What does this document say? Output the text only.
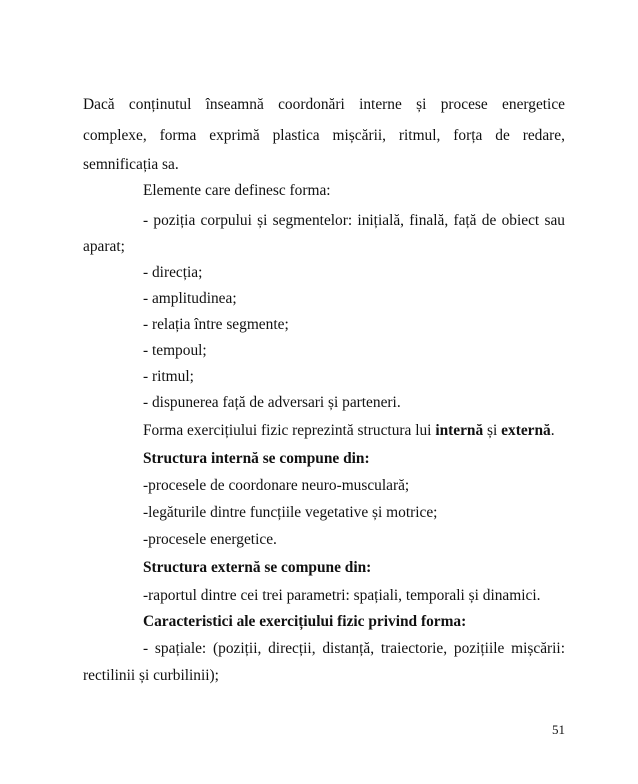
Dacă conținutul înseamnă coordonări interne și procese energetice
complexe, forma exprimă plastica mișcării, ritmul, forța de redare,
semnificația sa.
Elemente care definesc forma:
- poziția corpului și segmentelor: inițială, finală, față de obiect sau
aparat;
- direcția;
- amplitudinea;
- relația între segmente;
- tempoul;
- ritmul;
- dispunerea față de adversari și parteneri.
Forma exercițiului fizic reprezintă structura lui internă și externă.
Structura internă se compune din:
-procesele de coordonare neuro-musculară;
-legăturile dintre funcțiile vegetative și motrice;
-procesele energetice.
Structura externă se compune din:
-raportul dintre cei trei parametri: spațiali, temporali și dinamici.
Caracteristici ale exercițiului fizic privind forma:
- spațiale: (poziții, direcții, distanță, traiectorie, pozițiile mișcării:
rectilinii și curbilinii);
51
